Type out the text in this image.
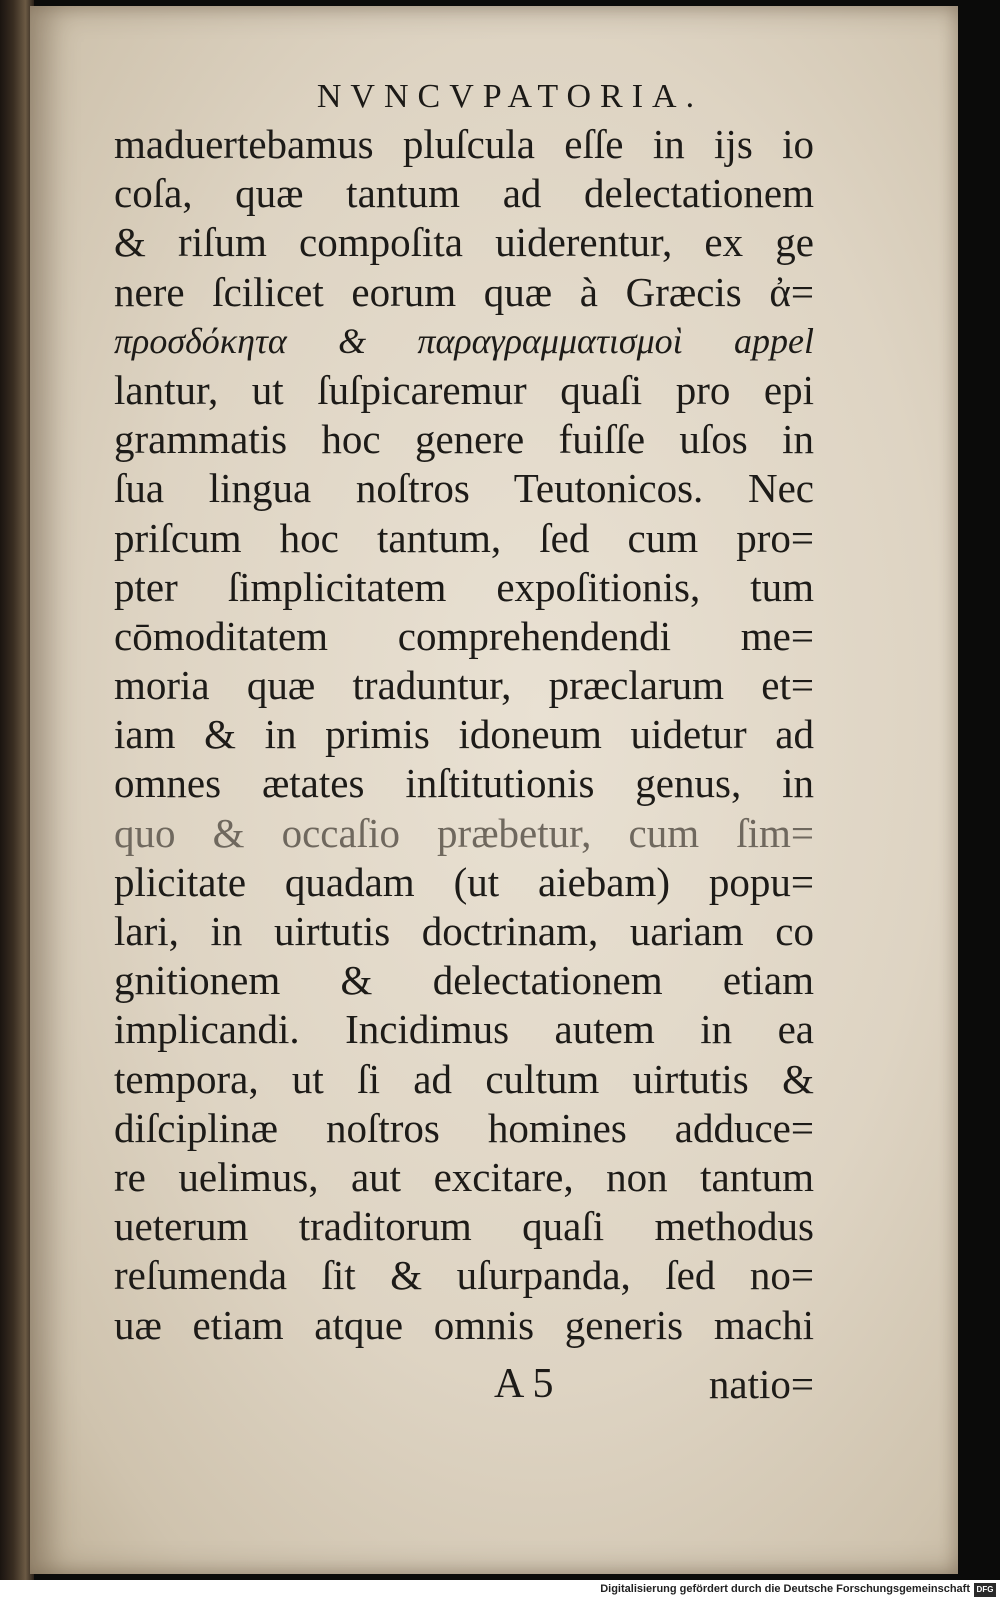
NVNCVPATORIA.
maduertebamus pluſcula eſſe in ijs io
coſa, quæ tantum ad delectationem
& riſum compoſita uiderentur, ex ge
nere ſcilicet eorum quæ à Græcis ἀ=
προσδόκητα & παραγραμματισμοὶ appel
lantur, ut ſuſpicaremur quaſi pro epi
grammatis hoc genere fuiſſe uſos in
ſua lingua noſtros Teutonicos. Nec
priſcum hoc tantum, ſed cum pro=
pter ſimplicitatem expoſitionis, tum
cōmoditatem comprehendendi me=
moria quæ traduntur, præclarum et=
iam & in primis idoneum uidetur ad
omnes ætates inſtitutionis genus, in
quo & occaſio præbetur, cum ſim=
plicitate quadam (ut aiebam) popu=
lari, in uirtutis doctrinam, uariam co
gnitionem & delectationem etiam
implicandi. Incidimus autem in ea
tempora, ut ſi ad cultum uirtutis &
diſciplinæ noſtros homines adduce=
re uelimus, aut excitare, non tantum
ueterum traditorum quaſi methodus
reſumenda ſit & uſurpanda, ſed no=
uæ etiam atque omnis generis machi
A 5	natio=
Digitalisierung gefördert durch die Deutsche Forschungsgemeinschaft DFG
